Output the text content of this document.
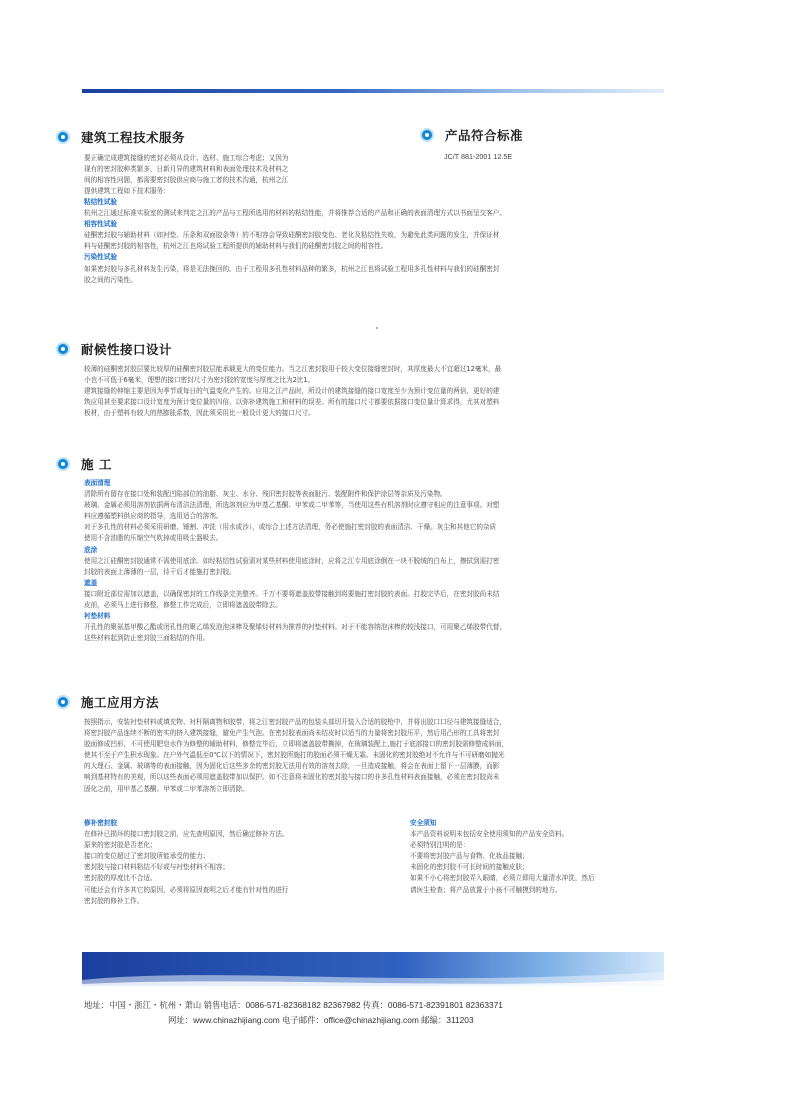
建筑工程技术服务
要正确完成建筑接缝的密封必须从设计、选材、施工综合考虑；又因为
现有的密封胶种类繁多，日新月异的建筑材料和表面处理技术及材料之
间的相容性问题，都需要密封胶供应商与施工者的技术沟通，杭州之江
提供建筑工程如下技术服务：
粘结性试验
杭州之江通过标准实验室的测试来判定之江的产品与工程所选用的材料的粘结性能，并将推荐合适的产品和正确的表面清理方式以书面呈交客户。
相容性试验
硅酮密封胶与辅助材料（如衬垫、压条和双面胶条等）的不相容会导致硅酮密封胶变色、老化及粘结性失败，为避免此类问题的发生，并保证材
料与硅酮密封胶的相容性，杭州之江也将试验工程所提供的辅助材料与我们的硅酮密封胶之间的相容性。
污染性试验
如果密封胶与多孔材料发生污染，将是无法挽回的。由于工程用多孔性材料品种的繁多，杭州之江也将试验工程用多孔性材料与我们的硅酮密封
胶之间的污染性。
产品符合标准
JC/T 881-2001 12.5E
耐候性接口设计
较薄的硅酮密封胶层要比较厚的硅酮密封胶层能承载更大的变位能力。当之江密封胶用于较大变位接缝密封时，其厚度最大不宜超过12毫米，最
小也不可低于6毫米，理想的接口密封尺寸为密封胶的宽度与厚度之比为2比1。
建筑接缝的伸缩主要是因为季节或每日的气温变化产生的。应用之江产品时，所设计的建筑接缝的接口宽度至少为预计变位量的两倍，更好的建
筑应用甚至要求接口设计宽度为预计变位量的四倍，以弥补建筑施工和材料的误差。所有的接口尺寸都要依据接口变位量计算求得，尤其对塑料
板材，由于塑料有较大的热膨胀系数，因此须采用比一般设计更大的接口尺寸。
施 工
表面清理
清除所有留存在接口处和装配凹陷部位的油脂、灰尘、水分、残旧密封胶等表面脏污、装配附件和保护涂层等杂质及污染物。
玻璃、金属必须用溶剂依据两布清洁法清理，所选溶剂应为甲基乙基酮、甲苯或二甲苯等，当使用这些有机溶剂时应遵守相应的注意事项。对塑
料应遵循塑料供应商的指导，选用适合的溶剂。
对于多孔性的材料必须采用研磨、锤割、冲洗（用水或沙），或综合上述方法清理，务必使施打密封胶的表面清洁、干燥。灰尘和其他它的杂质
使用不含油脂的压缩空气吹掉或用吸尘器吸去。
底涂
使用之江硅酮密封胶通常不需使用底涂。如经粘结性试验需对某些材料使用底涂时，应将之江专用底涂倒在一块不脱绒的白布上，擦拭到需打密
封胶的表面上薄薄的一层，待干后才能施打密封胶。
遮盖
接口附近部位需加以遮盖，以确保密封的工作线条完美整齐。千万不要将遮盖胶带接触到将要施打密封胶的表面。打胶完毕后，在密封胶尚未结
皮前，必须马上进行修整，修整工作完成后，立即将遮盖胶带除去。
衬垫材料
开孔性的聚氨基甲酸乙酯或闭孔性的聚乙烯发泡泡沫棒及聚烯烃材料为推荐的衬垫材料。对于不能容纳泡沫棒的较浅接口，可用聚乙烯胶带代替，
这些材料起到防止密封胶三面粘结的作用。
施工应用方法
按照指示，安装衬垫材料或填充物、衬杆隔离物和胶带，将之江密封胶产品的包装头部切开装入合适的胶枪中，并将出胶口口径与建筑接缝适合，
将密封胶产品连续不断的密实的挤入建筑接缝，避免产生气泡。在密封胶表面尚未结皮时以适当的力量将密封胶压平，然后用凸形的工具将密封
胶面修成凹形，不可使用肥皂水作为修整的辅助材料，修整完毕后，立即将遮盖胶带撕掉，在玻璃装配上,施打于底部接口的密封胶需修整成斜面，
使其不至于产生积水现象。在户外气温低至0℃以下的情况下，密封胶所施打的胶面必须干燥无霜。未固化的密封胶绝对不允许与不可研磨如抛光
的大理石、金属、玻璃等的表面接触，因为固化后这些多余的密封胶无法用有效的溶剂去除，一旦造成接触，将会在表面上留下一层薄膜，而影
响到基材特有的美观，所以这些表面必须用遮盖胶带加以保护。如不注意将未固化的密封胶与接口的非多孔性材料表面接触，必须在密封胶尚未
固化之前，用甲基乙基酮、甲苯或二甲苯溶剂立即清除。
修补密封胶
在修补已损坏的接口密封胶之前，应先查明原因，然后确定修补方法。
原来的密封胶是否老化；
接口的变位超过了密封胶所能承受的能力；
密封胶与接口材料粘结不好或与衬垫材料不相容；
密封胶的厚度比不合适。
可能还会有许多其它的原因，必须将原因查明之后才能有针对性的进行
密封胶的修补工作。
安全须知
本产品资料说明未包括安全使用须知的产品安全资料。
必须特别注明的是：
不要将密封胶产品与食物、化妆品接触；
未固化的密封胶不可长时间的接触皮肤；
如果不小心将密封胶弄入眼睛，必须立即用大量清水冲洗，然后
请医生检查；将产品放置于小孩不可触摸到的地方。
地址：中国・浙江・杭州・萧山 销售电话：0086-571-82368182 82367982 传真：0086-571-82391801 82363371
网址：www.chinazhijiang.com 电子邮件：office@chinazhijiang.com 邮编：311203
